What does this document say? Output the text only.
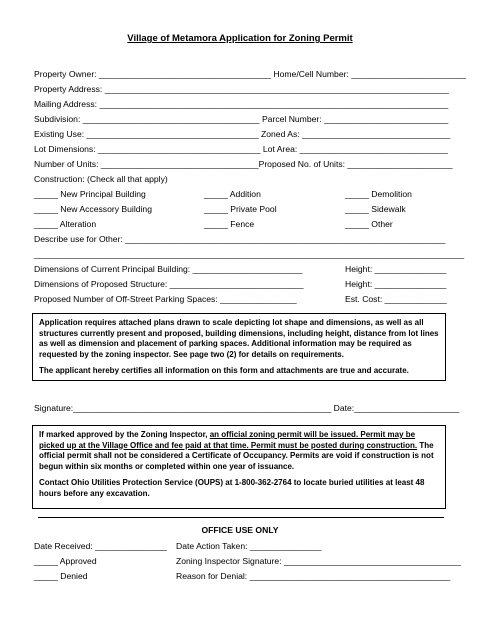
Village of Metamora Application for Zoning Permit
Property Owner: ____________________________________ Home/Cell Number: ________________________
Property Address: ________________________________________________________________________
Mailing Address: _________________________________________________________________________
Subdivision: _____________________________________ Parcel Number: __________________________
Existing Use: ____________________________________ Zoned As: _______________________________
Lot Dimensions: __________________________________ Lot Area: _______________________________
Number of Units: _________________________________Proposed No. of Units: ______________________
Construction: (Check all that apply)
_____ New Principal Building	_____ Addition	_____ Demolition
_____ New Accessory Building	_____ Private Pool	_____ Sidewalk
_____ Alteration	_____ Fence	_____ Other
Describe use for Other: ___________________________________________________________________
__________________________________________________________________________________________
Dimensions of Current Principal Building: _______________________	Height: _______________
Dimensions of Proposed Structure: ____________________________	Height: _______________
Proposed Number of Off-Street Parking Spaces: ________________	Est. Cost: _____________

Application requires attached plans drawn to scale depicting lot shape and dimensions, as well as all structures currently present and proposed, building dimensions, including height, distance from lot lines as well as dimension and placement of parking spaces. Additional information may be required as requested by the zoning inspector. See page two (2) for details on requirements.

The applicant hereby certifies all information on this form and attachments are true and accurate.

Signature:______________________________________________________ Date:______________________

If marked approved by the Zoning Inspector, an official zoning permit will be issued. Permit may be picked up at the Village Office and fee paid at that time. Permit must be posted during construction. The official permit shall not be considered a Certificate of Occupancy. Permits are void if construction is not begun within six months or completed within one year of issuance.

Contact Ohio Utilities Protection Service (OUPS) at 1-800-362-2764 to locate buried utilities at least 48 hours before any excavation.

OFFICE USE ONLY
Date Received: _______________ Date Action Taken: _______________
_____ Approved	Zoning Inspector Signature: _____________________________________
_____ Denied	Reason for Denial: __________________________________________
